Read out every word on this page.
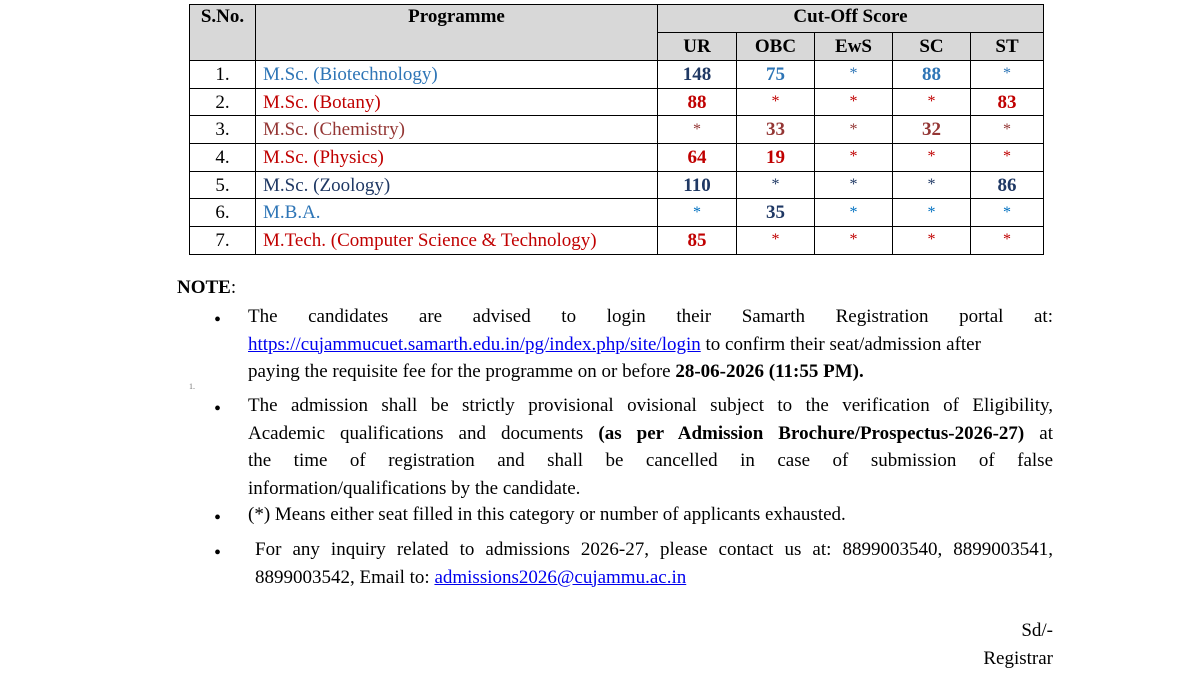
S.No.	Programme	Cut-Off Score				
		UR	OBC	EwS	SC	ST
1.	M.Sc. (Biotechnology)	148	75	*	88	*
2.	M.Sc. (Botany)	88	*	*	*	83
3.	M.Sc. (Chemistry)	*	33	*	32	*
4.	M.Sc. (Physics)	64	19	*	*	*
5.	M.Sc. (Zoology)	110	*	*	*	86
6.	M.B.A.	*	35	*	*	*
7.	M.Tech. (Computer Science & Technology)	85	*	*	*	*
NOTE:
• The candidates are advised to login their Samarth Registration portal at:
https://cujammucuet.samarth.edu.in/pg/index.php/site/login to confirm their seat/admission after
paying the requisite fee for the programme on or before 28-06-2026 (11:55 PM).
1.
• The admission shall be strictly provisional ovisional subject to the verification of Eligibility,
Academic qualifications and documents (as per Admission Brochure/Prospectus-2026-27) at
the time of registration and shall be cancelled in case of submission of false
information/qualifications by the candidate.
• (*) Means either seat filled in this category or number of applicants exhausted.
• For any inquiry related to admissions 2026-27, please contact us at: 8899003540, 8899003541,
8899003542, Email to: admissions2026@cujammu.ac.in
Sd/-
Registrar
